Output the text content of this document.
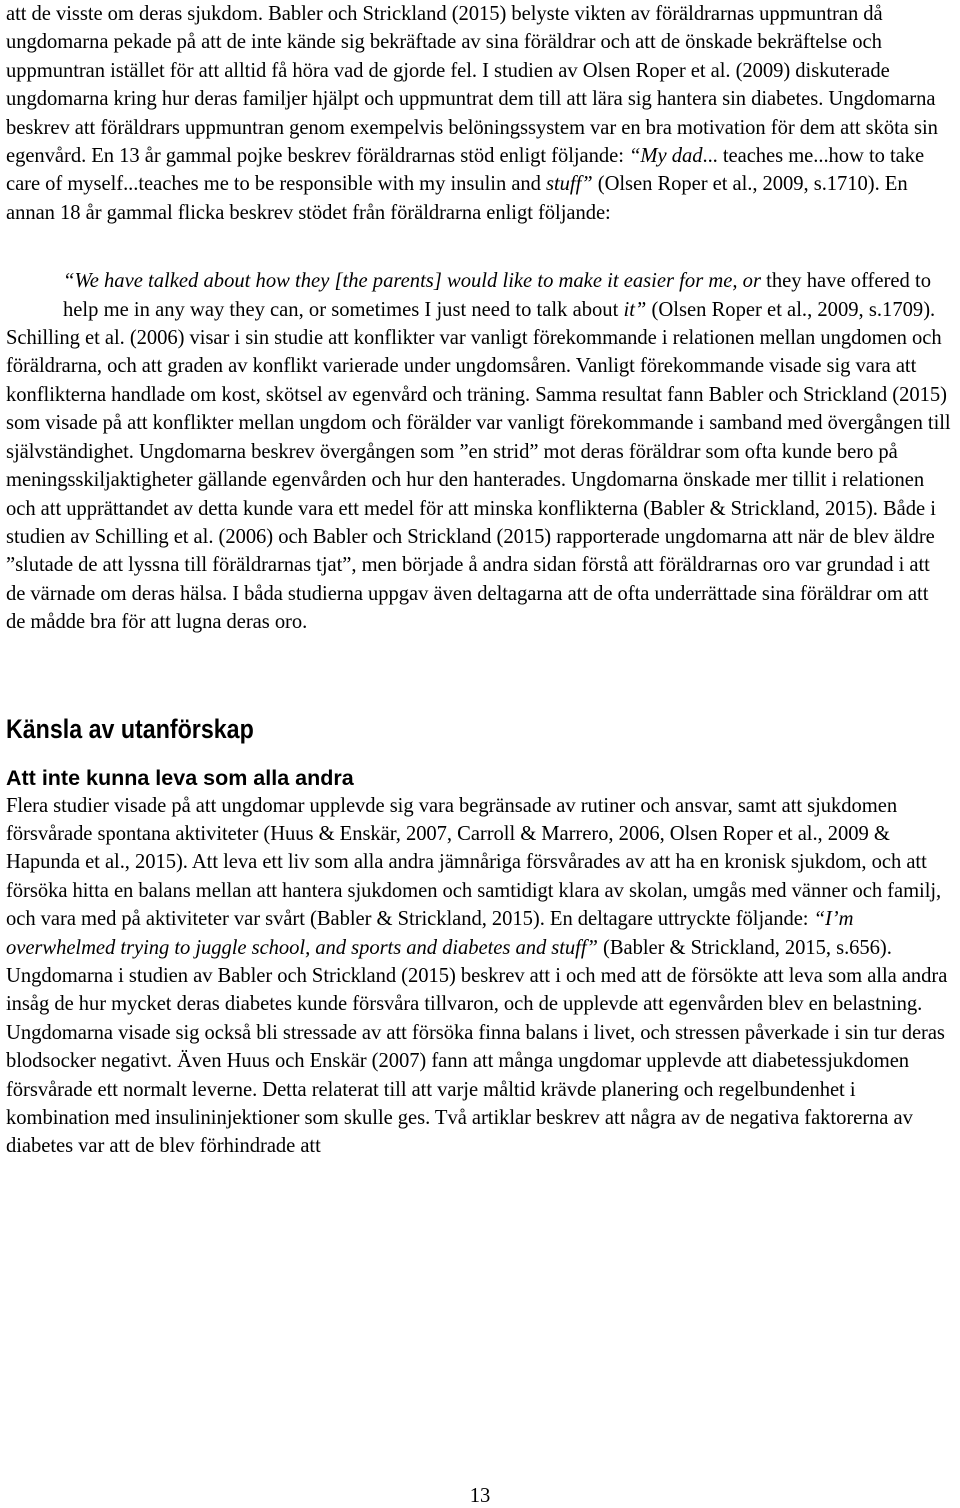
att de visste om deras sjukdom. Babler och Strickland (2015) belyste vikten av föräldrarnas uppmuntran då ungdomarna pekade på att de inte kände sig bekräftade av sina föräldrar och att de önskade bekräftelse och uppmuntran istället för att alltid få höra vad de gjorde fel. I studien av Olsen Roper et al. (2009) diskuterade ungdomarna kring hur deras familjer hjälpt och uppmuntrat dem till att lära sig hantera sin diabetes. Ungdomarna beskrev att föräldrars uppmuntran genom exempelvis belöningssystem var en bra motivation för dem att sköta sin egenvård. En 13 år gammal pojke beskrev föräldrarnas stöd enligt följande: “My dad... teaches me...how to take care of myself...teaches me to be responsible with my insulin and stuff” (Olsen Roper et al., 2009, s.1710). En annan 18 år gammal flicka beskrev stödet från föräldrarna enligt följande:

“We have talked about how they [the parents] would like to make it easier for me, or they have offered to help me in any way they can, or sometimes I just need to talk about it” (Olsen Roper et al., 2009, s.1709).

Schilling et al. (2006) visar i sin studie att konflikter var vanligt förekommande i relationen mellan ungdomen och föräldrarna, och att graden av konflikt varierade under ungdomsåren. Vanligt förekommande visade sig vara att konflikterna handlade om kost, skötsel av egenvård och träning. Samma resultat fann Babler och Strickland (2015) som visade på att konflikter mellan ungdom och förälder var vanligt förekommande i samband med övergången till självständighet. Ungdomarna beskrev övergången som ”en strid” mot deras föräldrar som ofta kunde bero på meningsskiljaktigheter gällande egenvården och hur den hanterades. Ungdomarna önskade mer tillit i relationen och att upprättandet av detta kunde vara ett medel för att minska konflikterna (Babler & Strickland, 2015). Både i studien av Schilling et al. (2006) och Babler och Strickland (2015) rapporterade ungdomarna att när de blev äldre ”slutade de att lyssna till föräldrarnas tjat”, men började å andra sidan förstå att föräldrarnas oro var grundad i att de värnade om deras hälsa. I båda studierna uppgav även deltagarna att de ofta underrättade sina föräldrar om att de mådde bra för att lugna deras oro.

Känsla av utanförskap
Att inte kunna leva som alla andra

Flera studier visade på att ungdomar upplevde sig vara begränsade av rutiner och ansvar, samt att sjukdomen försvårade spontana aktiviteter (Huus & Enskär, 2007, Carroll & Marrero, 2006, Olsen Roper et al., 2009 & Hapunda et al., 2015). Att leva ett liv som alla andra jämnåriga försvårades av att ha en kronisk sjukdom, och att försöka hitta en balans mellan att hantera sjukdomen och samtidigt klara av skolan, umgås med vänner och familj, och vara med på aktiviteter var svårt (Babler & Strickland, 2015). En deltagare uttryckte följande: “I’m overwhelmed trying to juggle school, and sports and diabetes and stuff” (Babler & Strickland, 2015, s.656). Ungdomarna i studien av Babler och Strickland (2015) beskrev att i och med att de försökte att leva som alla andra insåg de hur mycket deras diabetes kunde försvåra tillvaron, och de upplevde att egenvården blev en belastning. Ungdomarna visade sig också bli stressade av att försöka finna balans i livet, och stressen påverkade i sin tur deras blodsocker negativt. Även Huus och Enskär (2007) fann att många ungdomar upplevde att diabetessjukdomen försvårade ett normalt leverne. Detta relaterat till att varje måltid krävde planering och regelbundenhet i kombination med insulininjektioner som skulle ges. Två artiklar beskrev att några av de negativa faktorerna av diabetes var att de blev förhindrade att

13
